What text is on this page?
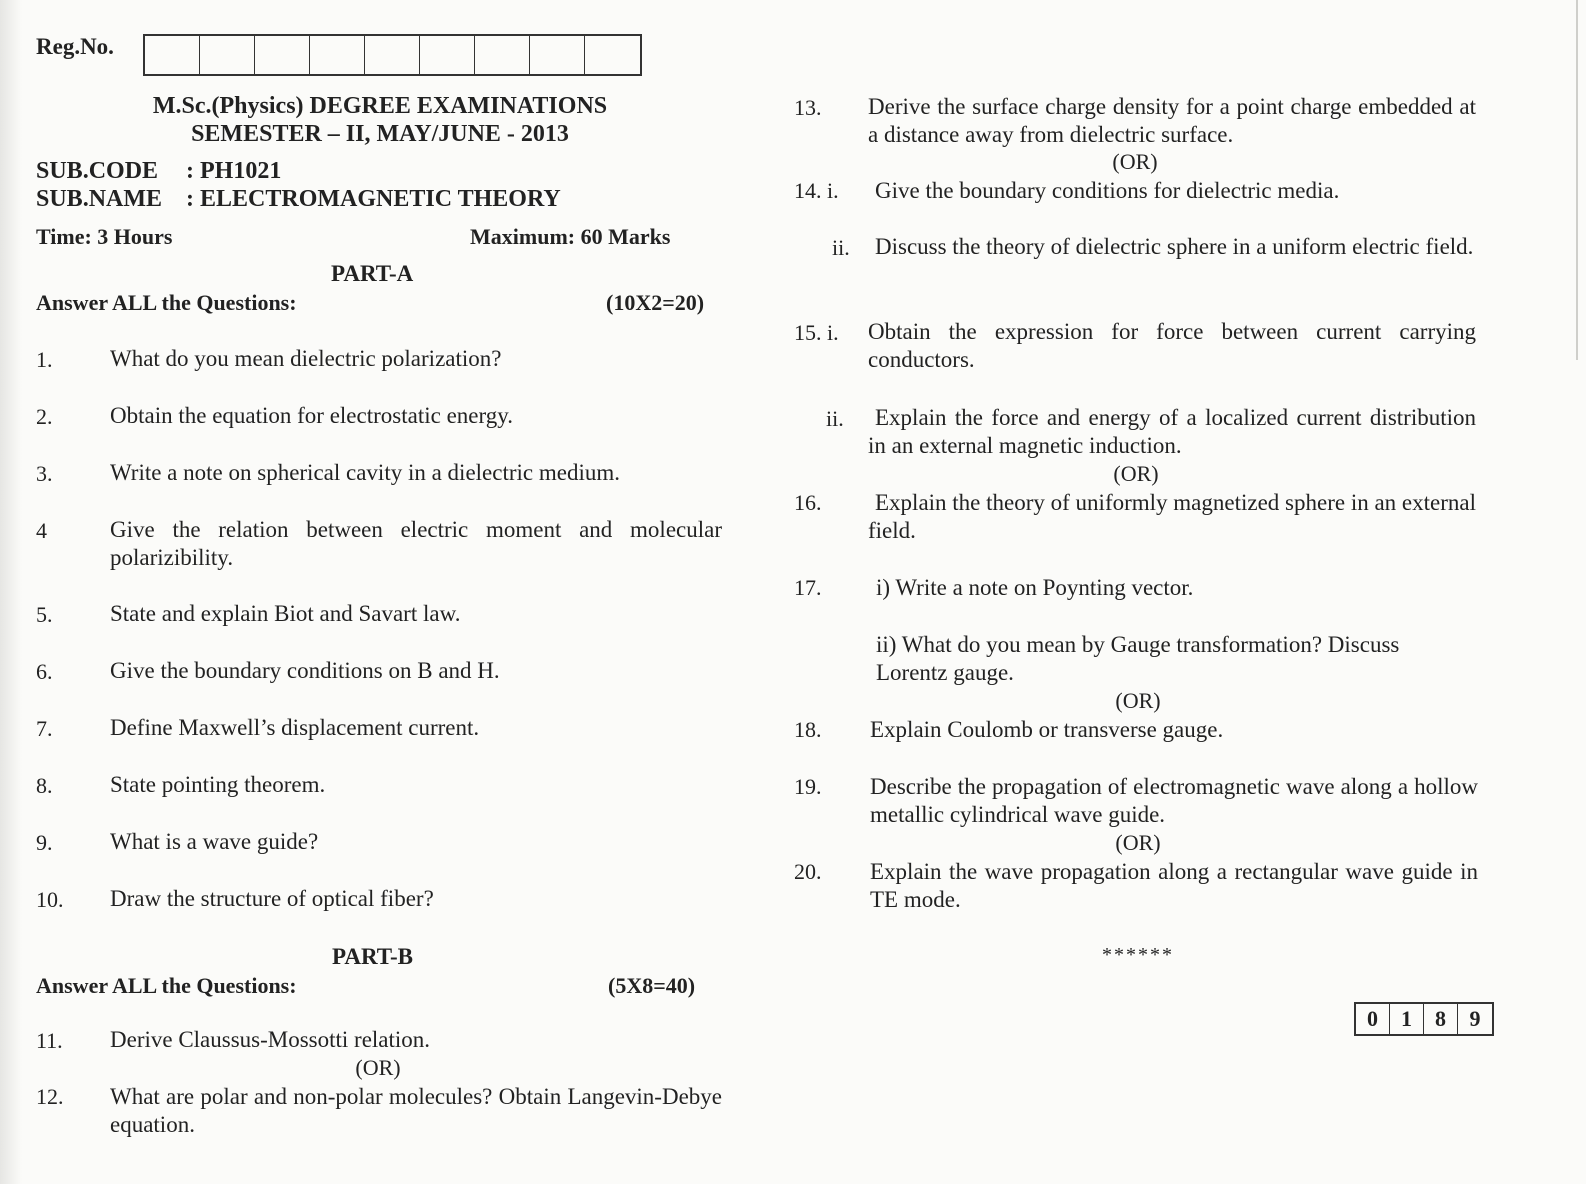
Reg.No.
M.Sc.(Physics) DEGREE EXAMINATIONS
SEMESTER – II, MAY/JUNE - 2013
SUB.CODE : PH1021
SUB.NAME : ELECTROMAGNETIC THEORY
Time: 3 Hours	Maximum: 60 Marks
PART-A
Answer ALL the Questions:	(10X2=20)
1.	What do you mean dielectric polarization?
2.	Obtain the equation for electrostatic energy.
3.	Write a note on spherical cavity in a dielectric medium.
4	Give the relation between electric moment and molecular polarizibility.
5.	State and explain Biot and Savart law.
6.	Give the boundary conditions on B and H.
7.	Define Maxwell’s displacement current.
8.	State pointing theorem.
9.	What is a wave guide?
10. Draw the structure of optical fiber?
PART-B
Answer ALL the Questions:	(5X8=40)
11. Derive Claussus-Mossotti relation.
(OR)
12. What are polar and non-polar molecules? Obtain Langevin-Debye equation.
13. Derive the surface charge density for a point charge embedded at a distance away from dielectric surface.
(OR)
14. i. Give the boundary conditions for dielectric media.
ii.	Discuss the theory of dielectric sphere in a uniform electric field.
15. i. Obtain the expression for force between current carrying conductors.
ii.	Explain the force and energy of a localized current distribution in an external magnetic induction.
(OR)
16.	Explain the theory of uniformly magnetized sphere in an external field.
17. i) Write a note on Poynting vector.
ii) What do you mean by Gauge transformation? Discuss Lorentz gauge.
(OR)
18. Explain Coulomb or transverse gauge.
19. Describe the propagation of electromagnetic wave along a hollow metallic cylindrical wave guide.
(OR)
20. Explain the wave propagation along a rectangular wave guide in TE mode.
******
0	1	8	9
